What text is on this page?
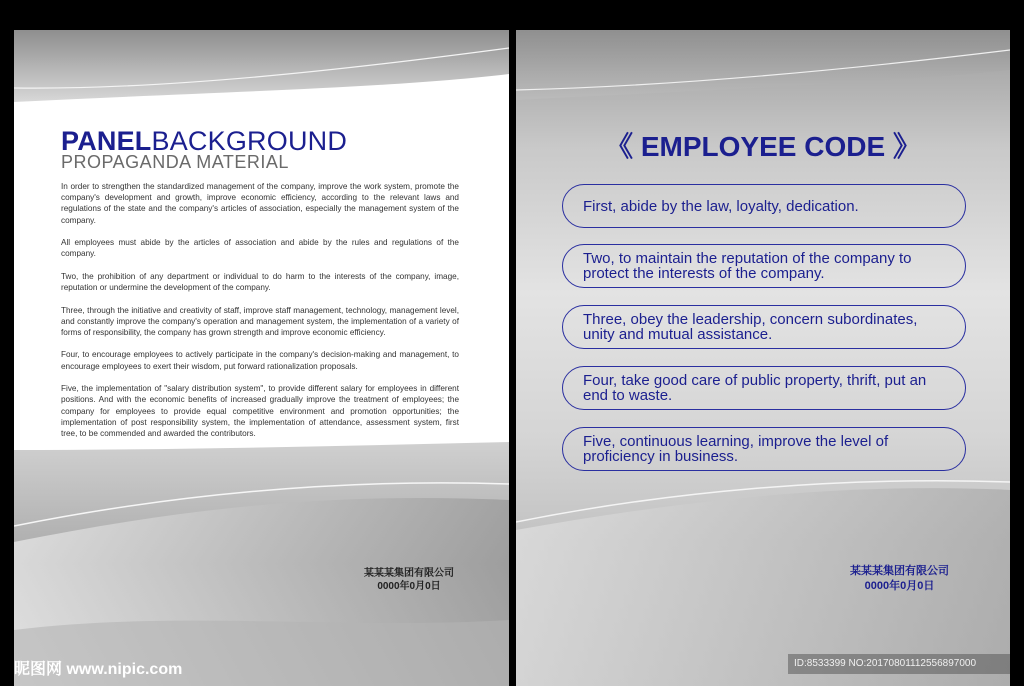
PANELBACKGROUND
PROPAGANDA MATERIAL

In order to strengthen the standardized management of the company, improve the work system, promote the company's development and growth, improve economic efficiency, according to the relevant laws and regulations of the state and the company's articles of association, especially the management system of the company.

All employees must abide by the articles of association and abide by the rules and regulations of the company.

Two, the prohibition of any department or individual to do harm to the interests of the company, image, reputation or undermine the development of the company.

Three, through the initiative and creativity of staff, improve staff management, technology, management level, and constantly improve the company's operation and management system, the implementation of a variety of forms of responsibility, the company has grown strength and improve economic efficiency.

Four, to encourage employees to actively participate in the company's decision-making and management, to encourage employees to exert their wisdom, put forward rationalization proposals.

Five, the implementation of "salary distribution system", to provide different salary for employees in different positions. And with the economic benefits of increased gradually improve the treatment of employees; the company for employees to provide equal competitive environment and promotion opportunities; the implementation of post responsibility system, the implementation of attendance, assessment system, first tree, to be commended and awarded the contributors.

某某某集团有限公司
0000年0月0日
《 EMPLOYEE CODE 》
First, abide by the law, loyalty, dedication.
Two, to maintain the reputation of the company to protect the interests of the company.
Three, obey the leadership, concern subordinates, unity and mutual assistance.
Four, take good care of public property, thrift, put an end to waste.
Five, continuous learning, improve the level of proficiency in business.
某某某集团有限公司
0000年0月0日
昵图网 www.nipic.com	ID:8533399 NO:20170801112556897000
